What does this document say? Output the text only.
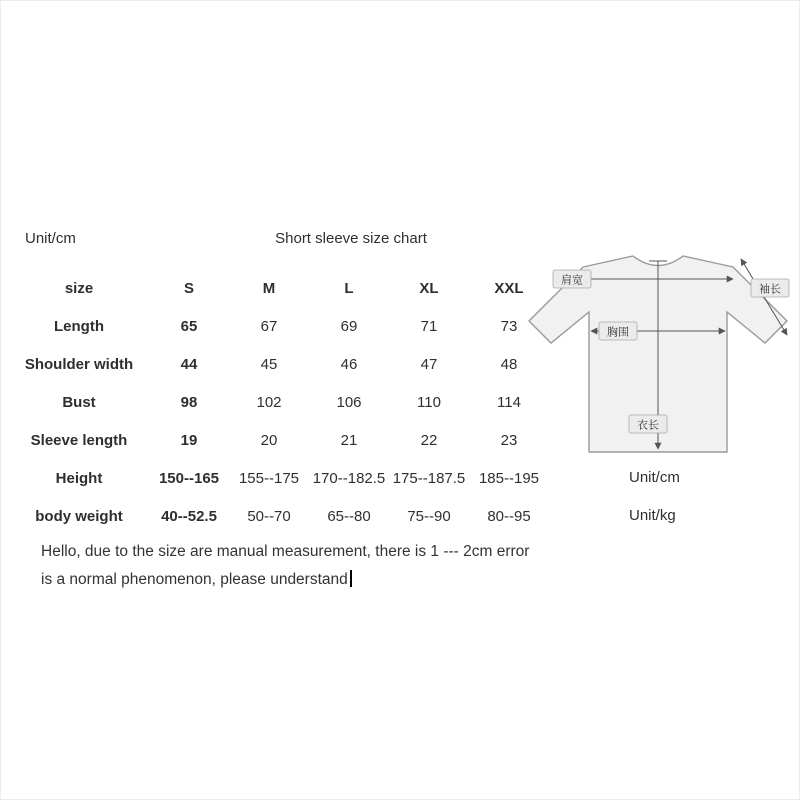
Unit/cm	Short sleeve size chart
size	S	M	L	XL	XXL
Length	65	67	69	71	73
Shoulder width	44	45	46	47	48
Bust	98	102	106	110	114
Sleeve length	19	20	21	22	23
Height	150--165	155--175 170--182.5 175--187.5 185--195
body weight	40--52.5	50--70	65--80	75--90	80--95
Unit/cm
Unit/kg
肩宽
胸围
衣长
袖长
Hello, due to the size are manual measurement, there is 1 --- 2cm error
is a normal phenomenon, please understand
